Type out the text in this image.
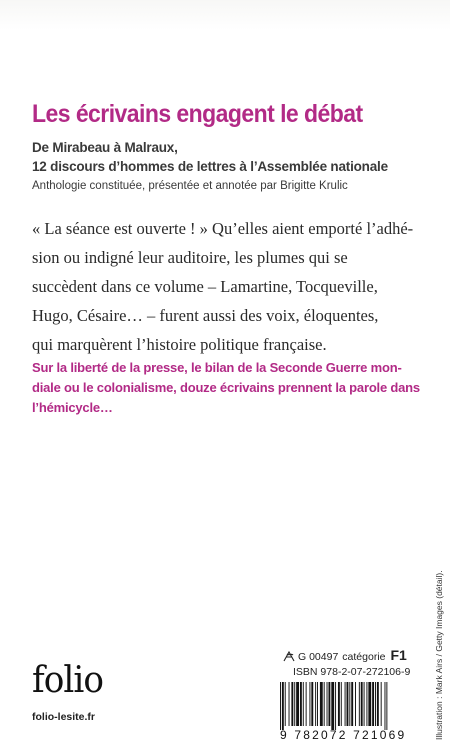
Les écrivains engagent le débat
De Mirabeau à Malraux,
12 discours d’hommes de lettres à l’Assemblée nationale
Anthologie constituée, présentée et annotée par Brigitte Krulic
« La séance est ouverte ! » Qu’elles aient emporté l’adhé-
sion ou indigné leur auditoire, les plumes qui se
succèdent dans ce volume – Lamartine, Tocqueville,
Hugo, Césaire… – furent aussi des voix, éloquentes,
qui marquèrent l’histoire politique française.
Sur la liberté de la presse, le bilan de la Seconde Guerre mon-
diale ou le colonialisme, douze écrivains prennent la parole dans
l’hémicycle…
folio
folio-lesite.fr
G 00497 catégorie F1
ISBN 978-2-07-272106-9
9 782072 721069	Illustration : Mark Airs / Getty Images (détail).
